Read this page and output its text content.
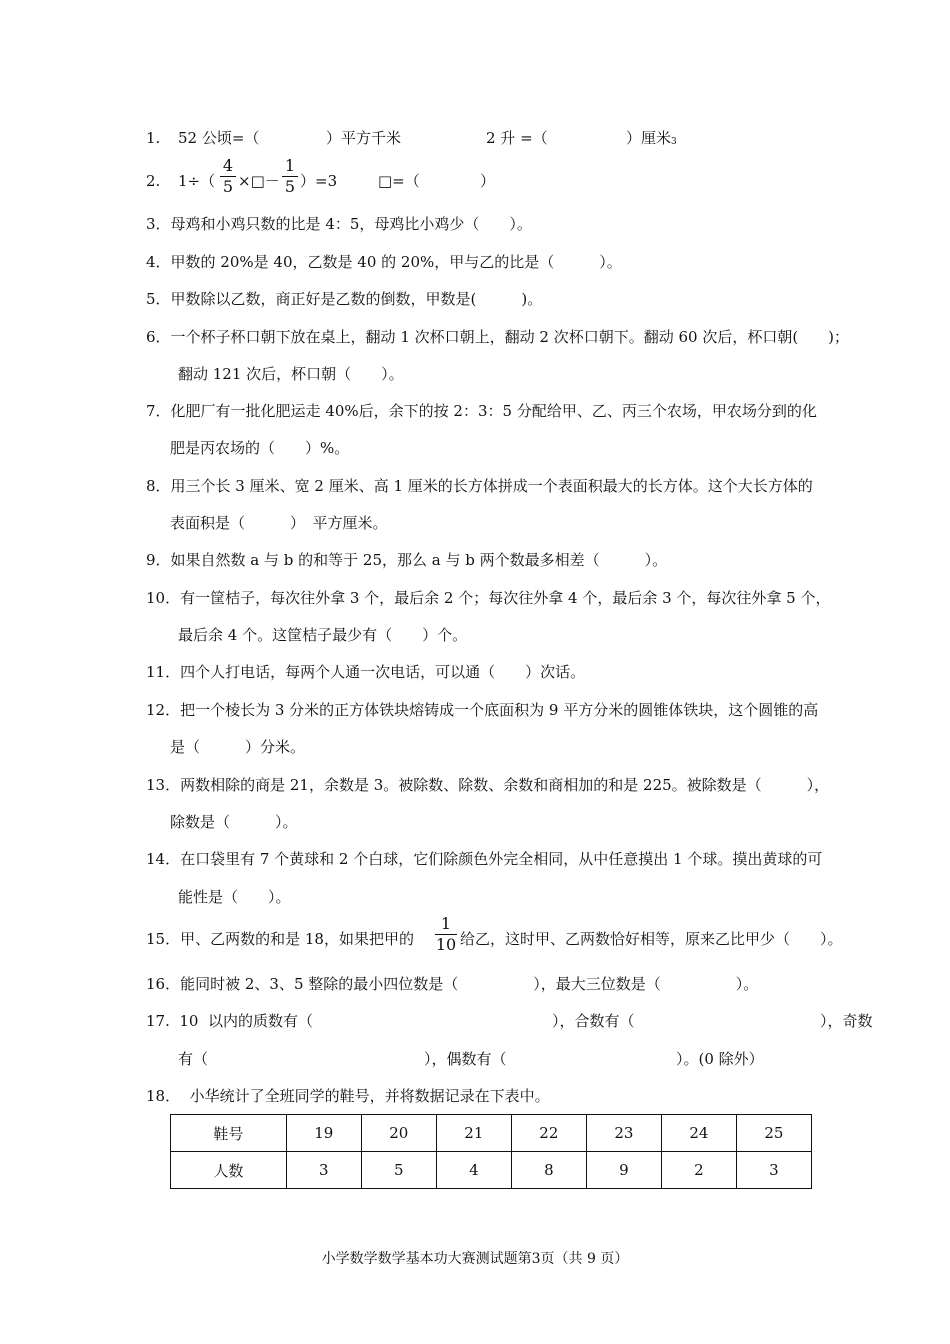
1. 52 公顷=（	）平方千米	2 升 =（	）厘米3
2. 1÷（
4
5 ×□－
1
5 ）=3	□=（	）
3．母鸡和小鸡只数的比是 4：5，母鸡比小鸡少（　　）。
4．甲数的 20%是 40，乙数是 40 的 20%，甲与乙的比是（　　　）。
5．甲数除以乙数，商正好是乙数的倒数，甲数是(　　　)。
6．一个杯子杯口朝下放在桌上，翻动 1 次杯口朝上，翻动 2 次杯口朝下。翻动 60 次后，杯口朝(　　)；
翻动 121 次后，杯口朝（　　）。
7．化肥厂有一批化肥运走 40%后，余下的按 2：3：5 分配给甲、乙、丙三个农场，甲农场分到的化
肥是丙农场的（　　）%。
8．用三个长 3 厘米、宽 2 厘米、高 1 厘米的长方体拼成一个表面积最大的长方体。这个大长方体的
表面积是（　　　）　平方厘米。
9．如果自然数 a 与 b 的和等于 25，那么 a 与 b 两个数最多相差（　　　）。
10．有一筐桔子，每次往外拿 3 个，最后余 2 个；每次往外拿 4 个，最后余 3 个，每次往外拿 5 个，
最后余 4 个。这筐桔子最少有（　　）个。
11．四个人打电话，每两个人通一次电话，可以通（　　）次话。
12．把一个棱长为 3 分米的正方体铁块熔铸成一个底面积为 9 平方分米的圆锥体铁块，这个圆锥的高
是（　　　）分米。
13．两数相除的商是 21，余数是 3。被除数、除数、余数和商相加的和是 225。被除数是（　　　），
除数是（　　　）。
14．在口袋里有 7 个黄球和 2 个白球，它们除颜色外完全相同，从中任意摸出 1 个球。摸出黄球的可
能性是（　　）。
15．甲、乙两数的和是 18，如果把甲的
1
10 给乙，这时甲、乙两数恰好相等，原来乙比甲少（　　）。
16．能同时被 2、3、5 整除的最小四位数是（　　　　　），最大三位数是（　　　　　）。
17.  10  以内的质数有（	），合数有（	），奇数
有（	），偶数有（	）。(0 除外）
18．  小华统计了全班同学的鞋号，并将数据记录在下表中。
鞋号	19	20	21	22	23	24	25
人数	3	5	4	8	9	2	3
小学数学数学基本功大赛测试题第3页（共 9 页）
